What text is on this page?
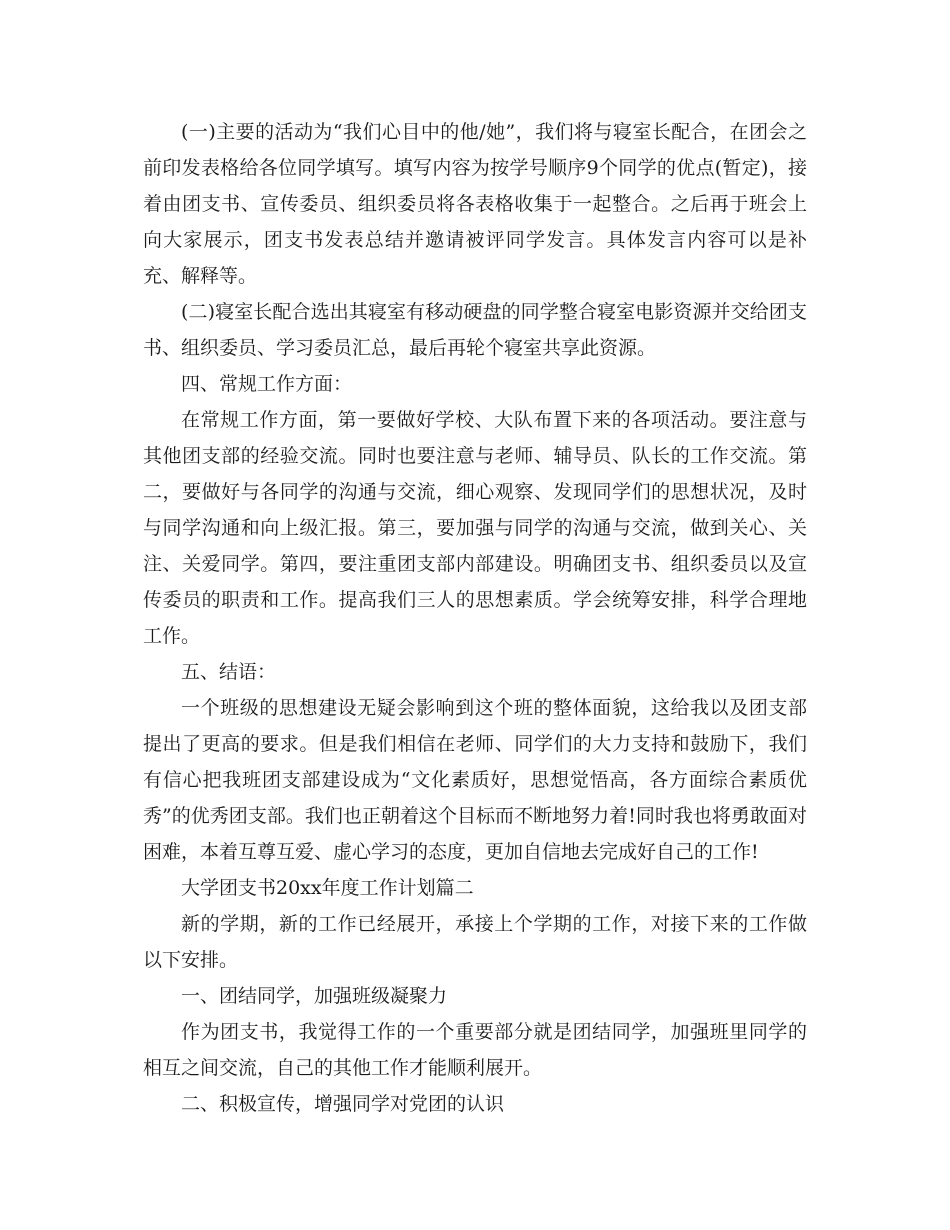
(一)主要的活动为“我们心目中的他/她”，我们将与寝室长配合，在团会之前印发表格给各位同学填写。填写内容为按学号顺序9个同学的优点(暂定)，接着由团支书、宣传委员、组织委员将各表格收集于一起整合。之后再于班会上向大家展示，团支书发表总结并邀请被评同学发言。具体发言内容可以是补充、解释等。

(二)寝室长配合选出其寝室有移动硬盘的同学整合寝室电影资源并交给团支书、组织委员、学习委员汇总，最后再轮个寝室共享此资源。

四、常规工作方面：

在常规工作方面，第一要做好学校、大队布置下来的各项活动。要注意与其他团支部的经验交流。同时也要注意与老师、辅导员、队长的工作交流。第二，要做好与各同学的沟通与交流，细心观察、发现同学们的思想状况，及时与同学沟通和向上级汇报。第三，要加强与同学的沟通与交流，做到关心、关注、关爱同学。第四，要注重团支部内部建设。明确团支书、组织委员以及宣传委员的职责和工作。提高我们三人的思想素质。学会统筹安排，科学合理地工作。

五、结语：

一个班级的思想建设无疑会影响到这个班的整体面貌，这给我以及团支部提出了更高的要求。但是我们相信在老师、同学们的大力支持和鼓励下，我们有信心把我班团支部建设成为“文化素质好，思想觉悟高，各方面综合素质优秀”的优秀团支部。我们也正朝着这个目标而不断地努力着!同时我也将勇敢面对困难，本着互尊互爱、虚心学习的态度，更加自信地去完成好自己的工作!

大学团支书20xx年度工作计划篇二

新的学期，新的工作已经展开，承接上个学期的工作，对接下来的工作做以下安排。

一、团结同学，加强班级凝聚力

作为团支书，我觉得工作的一个重要部分就是团结同学，加强班里同学的相互之间交流，自己的其他工作才能顺利展开。

二、积极宣传，增强同学对党团的认识
